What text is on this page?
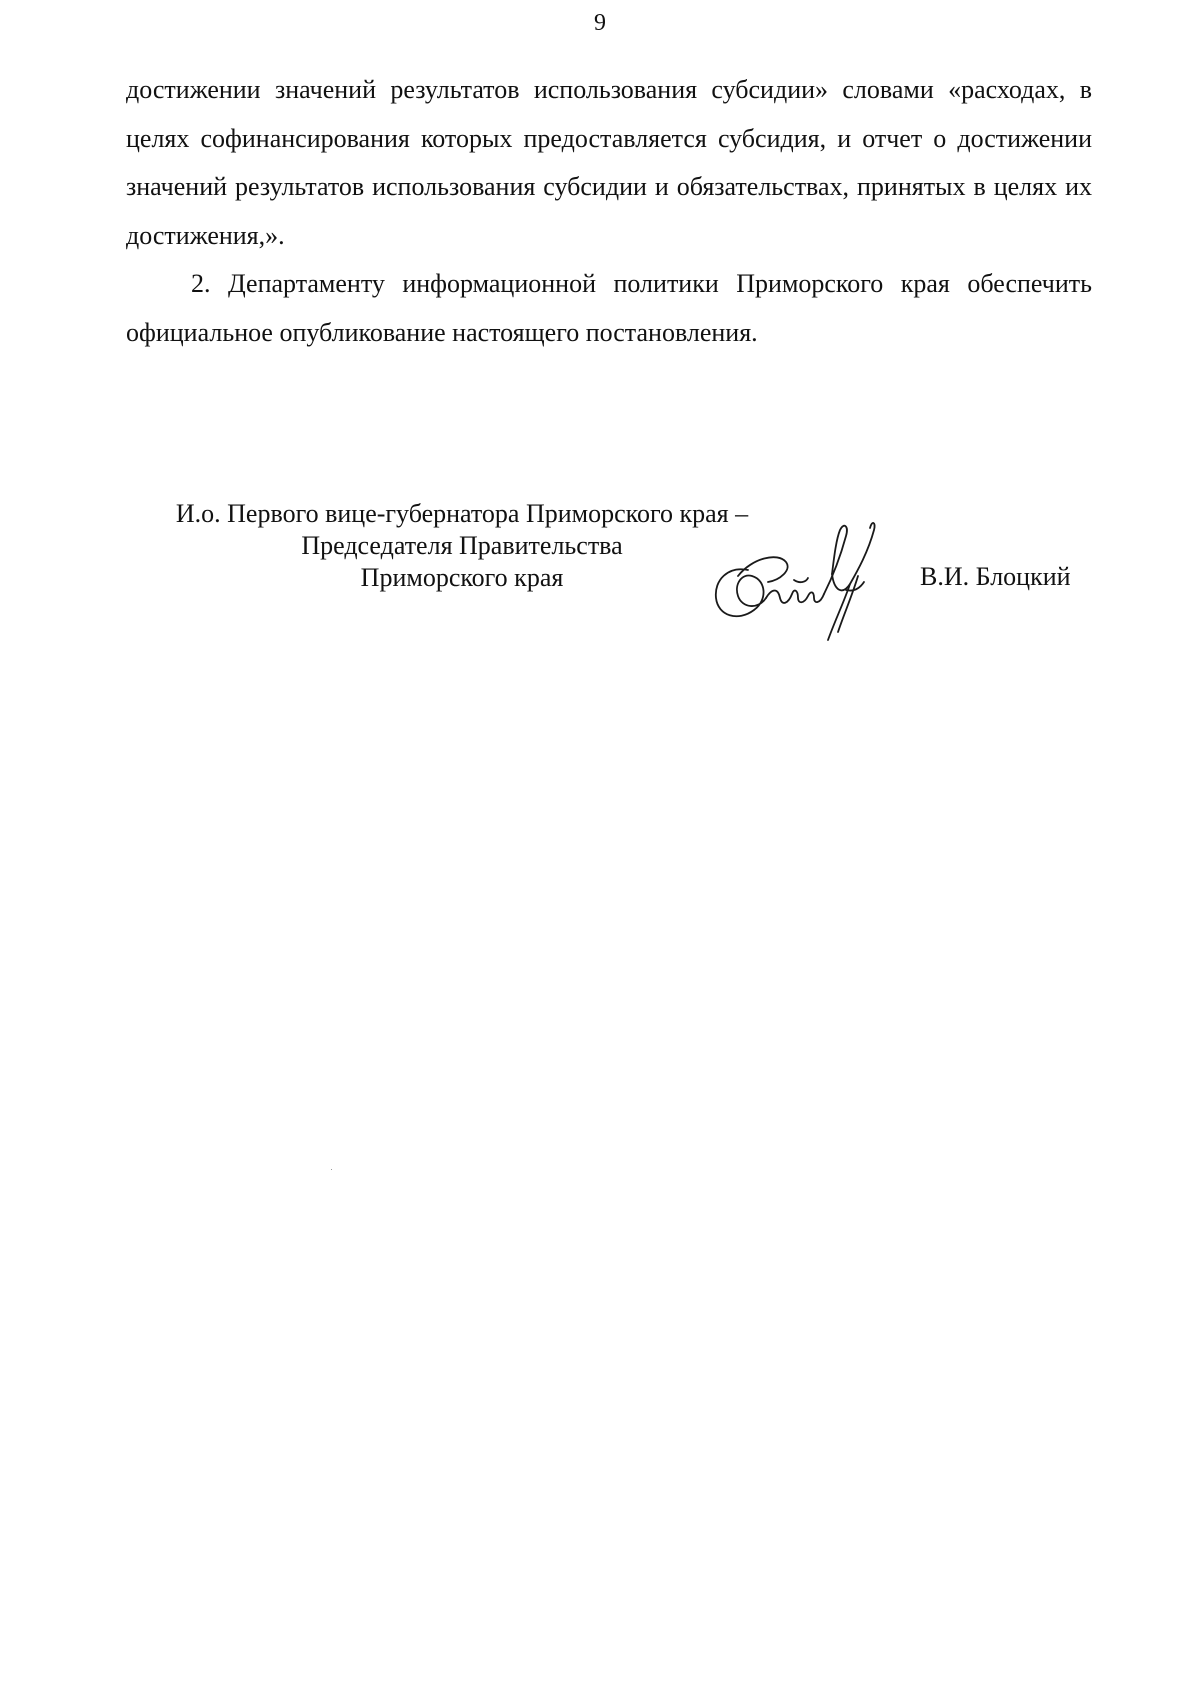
9

достижении значений результатов использования субсидии» словами «расходах, в целях софинансирования которых предоставляется субсидия, и отчет о достижении значений результатов использования субсидии и обязательствах, принятых в целях их достижения,».

2. Департаменту информационной политики Приморского края обеспечить официальное опубликование настоящего постановления.

И.о. Первого вице-губернатора Приморского края –
Председателя Правительства
Приморского края	В.И. Блоцкий
